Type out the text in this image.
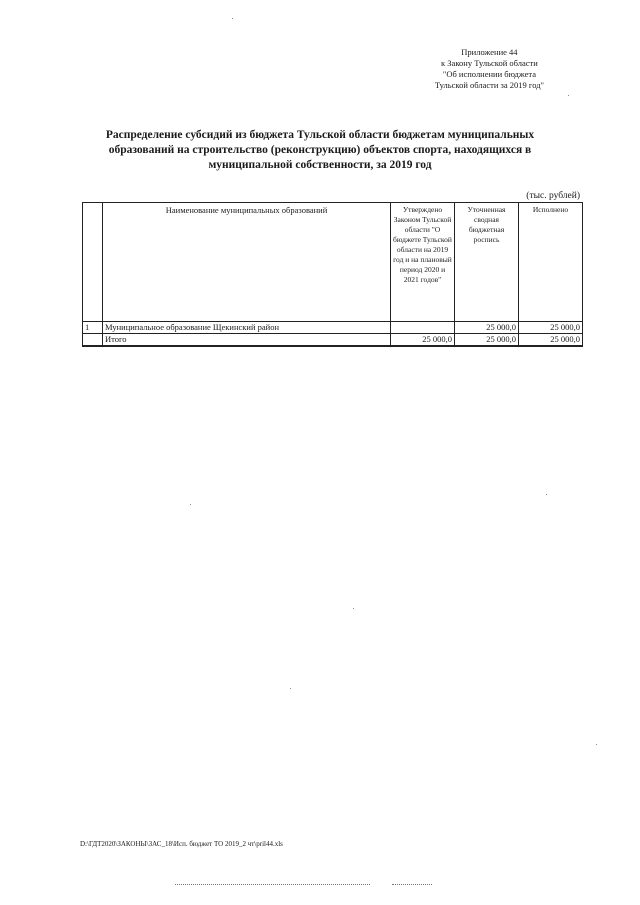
Приложение 44
к Закону Тульской области
"Об исполнении бюджета
Тульской области за 2019 год"
Распределение субсидий из бюджета Тульской области бюджетам муниципальных
образований на строительство (реконструкцию) объектов спорта, находящихся в
муниципальной собственности, за 2019 год
(тыс. рублей)
	Наименование муниципальных образований	Утверждено Законом Тульской области "О бюджете Тульской области на 2019 год и на плановый период 2020 и 2021 годов"	Уточненная сводная бюджетная роспись	Исполнено
1	Муниципальное образование Щекинский район		25 000,0	25 000,0
	Итого	25 000,0	25 000,0	25 000,0
D:\ГДТ2020\ЗАКОНЫ\ЗАС_18\Исп. бюджет ТО 2019_2 чт\pril44.xls
